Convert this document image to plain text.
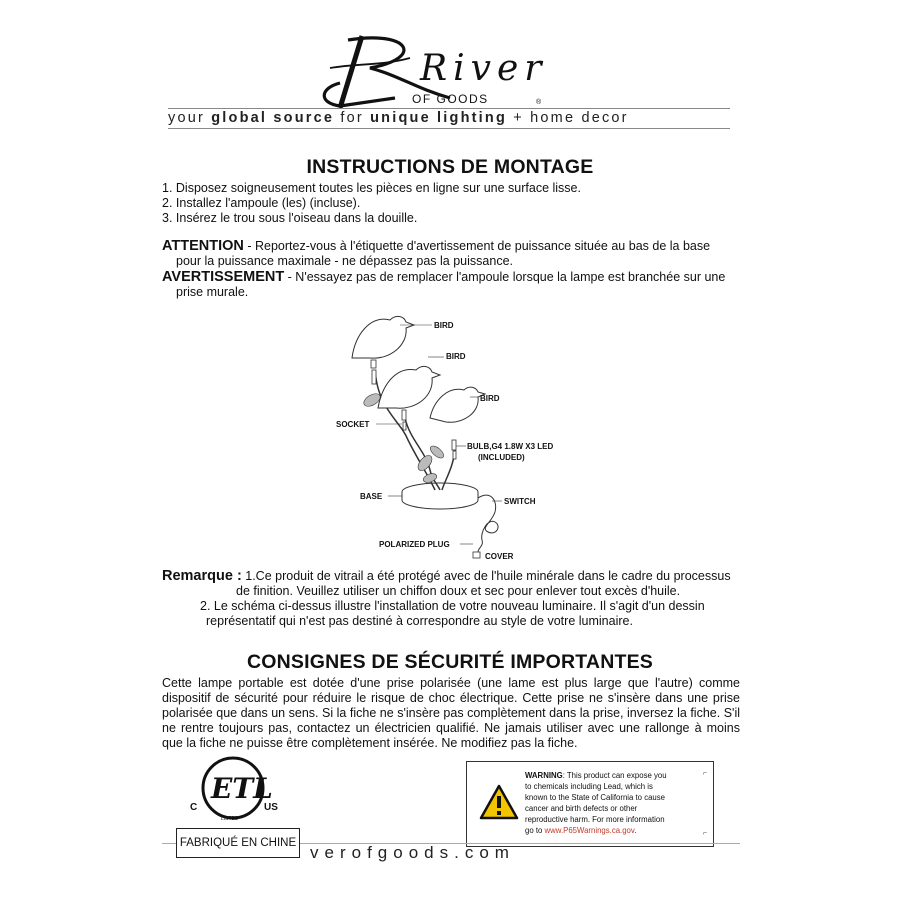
River
OF GOODS	®
your global source for unique lighting + home decor
INSTRUCTIONS DE MONTAGE
1. Disposez soigneusement toutes les pièces en ligne sur une surface lisse.
2. Installez l'ampoule (les) (incluse).
3. Insérez le trou sous l'oiseau dans la douille.
ATTENTION - Reportez-vous à l'étiquette d'avertissement de puissance située au bas de la base
pour la puissance maximale - ne dépassez pas la puissance.
AVERTISSEMENT - N'essayez pas de remplacer l'ampoule lorsque la lampe est branchée sur une
prise murale.
BIRD
BIRD
BIRD
SOCKET
BULB,G4 1.8W X3 LED
(INCLUDED)
BASE
SWITCH
POLARIZED PLUG
COVER
Remarque : 1.Ce produit de vitrail a été protégé avec de l'huile minérale dans le cadre du processus
de finition. Veuillez utiliser un chiffon doux et sec pour enlever tout excès d'huile.
2. Le schéma ci-dessus illustre l'installation de votre nouveau luminaire. Il s'agit d'un dessin
représentatif qui n'est pas destiné à correspondre au style de votre luminaire.
CONSIGNES DE SÉCURITÉ IMPORTANTES
Cette lampe portable est dotée d'une prise polarisée (une lame est plus large que l'autre) comme dispositif de sécurité pour réduire le risque de choc électrique. Cette prise ne s'insère dans une prise polarisée que dans un sens. Si la fiche ne s'insère pas complètement dans la prise, inversez la fiche. S'il ne rentre toujours pas, contactez un électricien qualifié. Ne jamais utiliser avec une rallonge à moins que la fiche ne puisse être complètement insérée. Ne modifiez pas la fiche.
ETL
C	US
LISTED
WARNING: This product can expose you
to chemicals including Lead, which is
known to the State of California to cause
cancer and birth defects or other
reproductive harm. For more information
go to www.P65Warnings.ca.gov.
⌐
⌐
FABRIQUÉ EN CHINE verofgoods.com
